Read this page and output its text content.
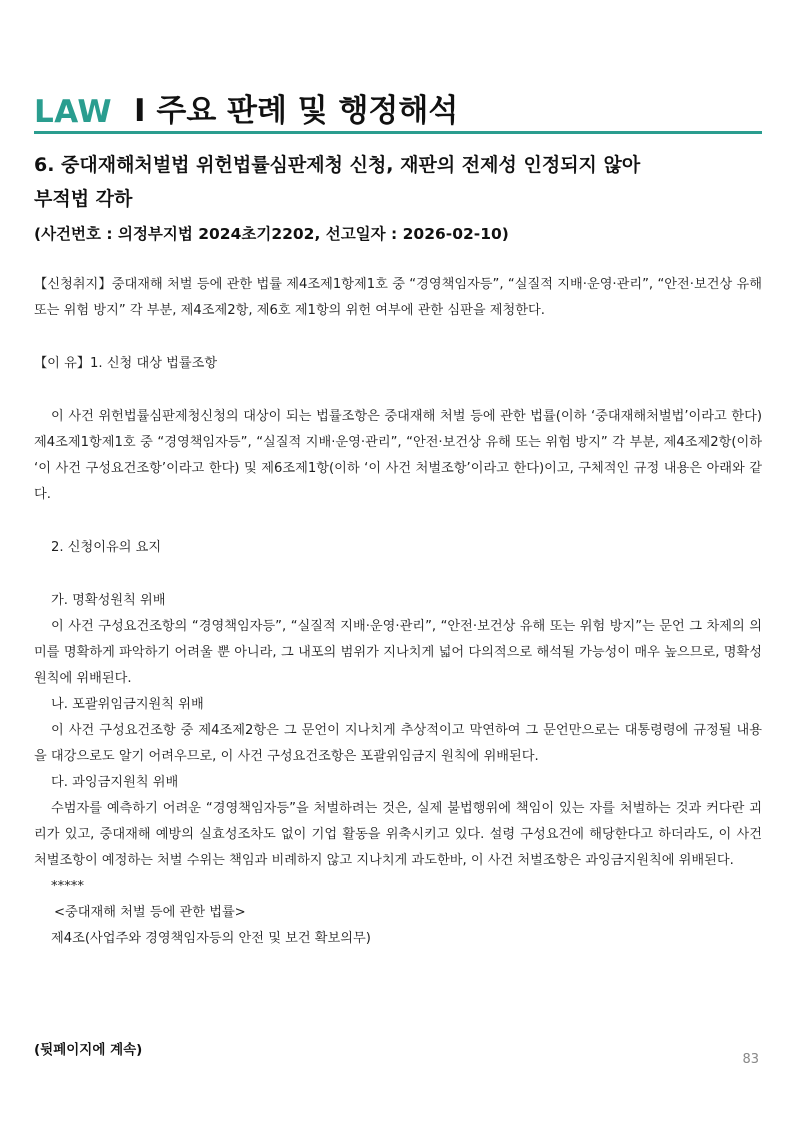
LAW I 주요 판례 및 행정해석
6. 중대재해처벌법 위헌법률심판제청 신청, 재판의 전제성 인정되지 않아
부적법 각하
(사건번호 : 의정부지법 2024초기2202, 선고일자 : 2026-02-10)

【신청취지】중대재해 처벌 등에 관한 법률 제4조제1항제1호 중 “경영책임자등”, “실질적 지배·운영·관리”, “안전·보건상 유해 또는 위험 방지” 각 부분, 제4조제2항, 제6호 제1항의 위헌 여부에 관한 심판을 제청한다.

【이 유】1. 신청 대상 법률조항

이 사건 위헌법률심판제청신청의 대상이 되는 법률조항은 중대재해 처벌 등에 관한 법률(이하 ‘중대재해처벌법’이라고 한다) 제4조제1항제1호 중 “경영책임자등”, “실질적 지배·운영·관리”, “안전·보건상 유해 또는 위험 방지” 각 부분, 제4조제2항(이하 ‘이 사건 구성요건조항’이라고 한다) 및 제6조제1항(이하 ‘이 사건 처벌조항’이라고 한다)이고, 구체적인 규정 내용은 아래와 같다.

2. 신청이유의 요지

가. 명확성원칙 위배

이 사건 구성요건조항의 “경영책임자등”, “실질적 지배·운영·관리”, “안전·보건상 유해 또는 위험 방지”는 문언 그 차제의 의미를 명확하게 파악하기 어려울 뿐 아니라, 그 내포의 범위가 지나치게 넓어 다의적으로 해석될 가능성이 매우 높으므로, 명확성 원칙에 위배된다.

나. 포괄위임금지원칙 위배

이 사건 구성요건조항 중 제4조제2항은 그 문언이 지나치게 추상적이고 막연하여 그 문언만으로는 대통령령에 규정될 내용을 대강으로도 알기 어려우므로, 이 사건 구성요건조항은 포괄위임금지 원칙에 위배된다.

다. 과잉금지원칙 위배

수범자를 예측하기 어려운 “경영책임자등”을 처벌하려는 것은, 실제 불법행위에 책임이 있는 자를 처벌하는 것과 커다란 괴리가 있고, 중대재해 예방의 실효성조차도 없이 기업 활동을 위축시키고 있다. 설령 구성요건에 해당한다고 하더라도, 이 사건 처벌조항이 예정하는 처벌 수위는 책임과 비례하지 않고 지나치게 과도한바, 이 사건 처벌조항은 과잉금지원칙에 위배된다.

*****

<중대재해 처벌 등에 관한 법률>

제4조(사업주와 경영책임자등의 안전 및 보건 확보의무)

(뒷페이지에 계속)
83
